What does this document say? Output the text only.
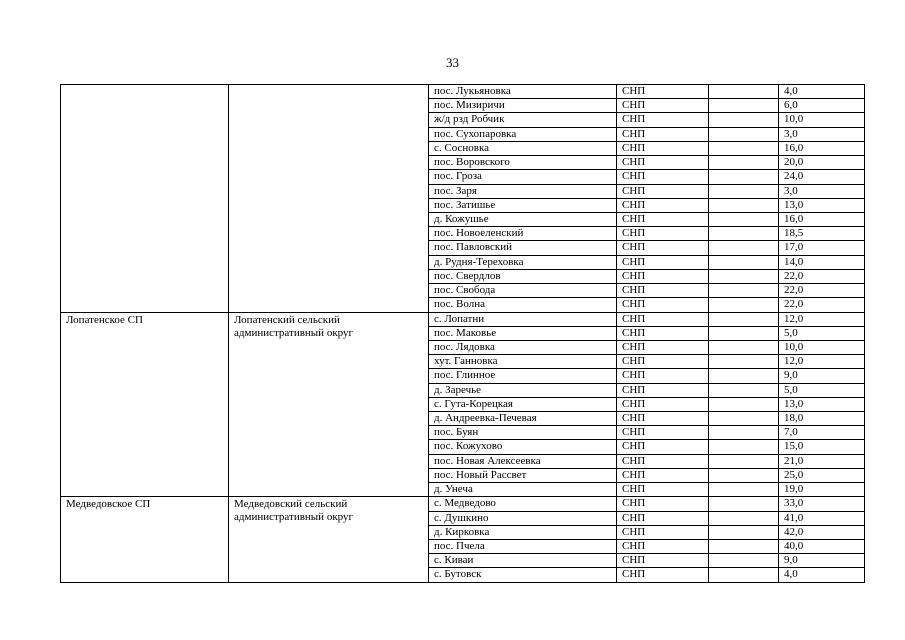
33
		пос. Лукьяновка	СНП		4,0
		пос. Мизиричи	СНП		6,0
		ж/д рзд Робчик	СНП		10,0
		пос. Сухопаровка	СНП		3,0
		с. Сосновка	СНП		16,0
		пос. Воровского	СНП		20,0
		пос. Гроза	СНП		24,0
		пос. Заря	СНП		3,0
		пос. Затишье	СНП		13,0
		д. Кожушье	СНП		16,0
		пос. Новоеленский	СНП		18,5
		пос. Павловский	СНП		17,0
		д. Рудня-Тереховка	СНП		14,0
		пос. Свердлов	СНП		22,0
		пос. Свобода	СНП		22,0
		пос. Волна	СНП		22,0
Лопатенское СП	Лопатенский сельский административный округ	с. Лопатни	СНП		12,0
		пос. Маковье	СНП		5,0
		пос. Лядовка	СНП		10,0
		хут. Ганновка	СНП		12,0
		пос. Глинное	СНП		9,0
		д. Заречье	СНП		5,0
		с. Гута-Корецкая	СНП		13,0
		д. Андреевка-Печевая	СНП		18,0
		пос. Буян	СНП		7,0
		пос. Кожухово	СНП		15,0
		пос. Новая Алексеевка	СНП		21,0
		пос. Новый Рассвет	СНП		25,0
		д. Унеча	СНП		19,0
Медведовское СП	Медведовский сельский административный округ	с. Медведово	СНП		33,0
		с. Душкино	СНП		41,0
		д. Кирковка	СНП		42,0
		пос. Пчела	СНП		40,0
		с. Киваи	СНП		9,0
		с. Бутовск	СНП		4,0
